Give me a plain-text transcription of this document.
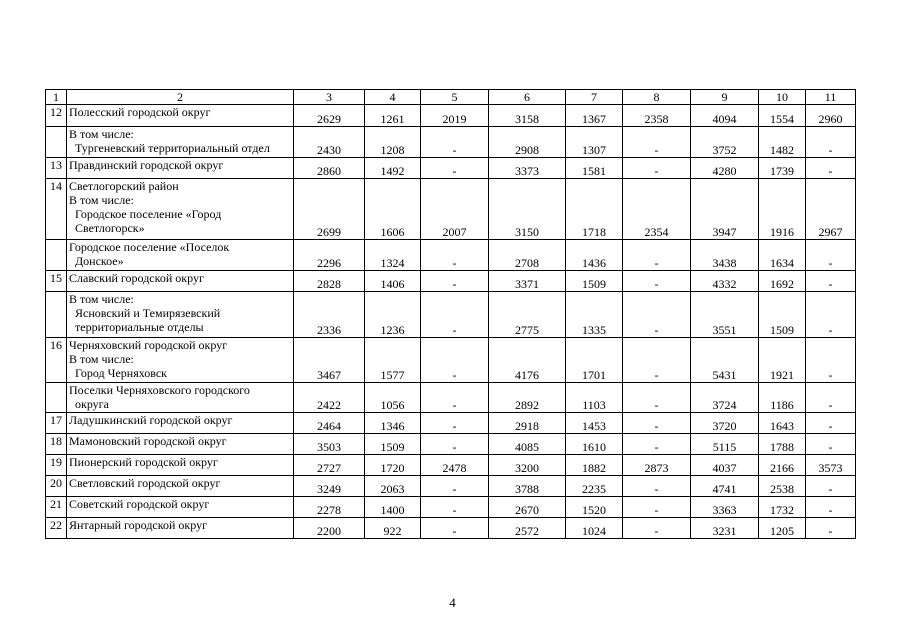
1	2	3	4	5	6	7	8	9	10	11
12	Полесский городской округ	2629	1261	2019	3158	1367	2358	4094	1554	2960

	В том числе:
Тургеневский территориальный отдел	2430	1208	-	2908	1307	-	3752	1482	-
13	Правдинский городской округ	2860	1492	-	3373	1581	-	4280	1739	-
14	Светлогорский район
В том числе:
Городское поселение «Город
Светлогорск»	2699	1606	2007	3150	1718	2354	3947	1916	2967

	Городское поселение «Поселок
Донское»	2296	1324	-	2708	1436	-	3438	1634	-
15	Славский городской округ	2828	1406	-	3371	1509	-	4332	1692	-

	В том числе:
Ясновский и Темирязевский
территориальные отделы	2336	1236	-	2775	1335	-	3551	1509	-
16	Черняховский городской округ
В том числе:
Город Черняховск	3467	1577	-	4176	1701	-	5431	1921	-

	Поселки Черняховского городского
округа	2422	1056	-	2892	1103	-	3724	1186	-
17	Ладушкинский городской округ	2464	1346	-	2918	1453	-	3720	1643	-
18	Мамоновский городской округ	3503	1509	-	4085	1610	-	5115	1788	-
19	Пионерский городской округ	2727	1720	2478	3200	1882	2873	4037	2166	3573
20	Светловский городской округ	3249	2063	-	3788	2235	-	4741	2538	-
21	Советский городской округ	2278	1400	-	2670	1520	-	3363	1732	-
22	Янтарный городской округ	2200	922	-	2572	1024	-	3231	1205	-
4
